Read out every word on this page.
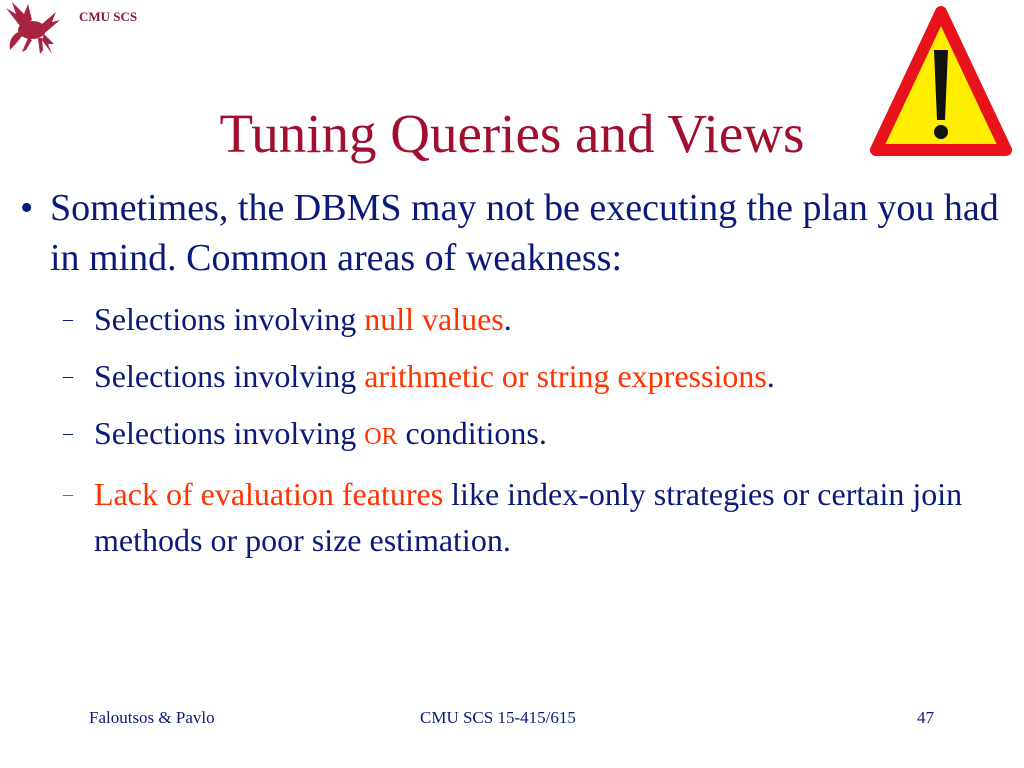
CMU SCS
Tuning Queries and Views
• Sometimes, the DBMS may not be executing the plan you had in mind. Common areas of weakness:
– Selections involving null values.
– Selections involving arithmetic or string expressions.
– Selections involving OR conditions.
– Lack of evaluation features like index-only strategies or certain join methods or poor size estimation.
Faloutsos & Pavlo	CMU SCS 15-415/615	47
